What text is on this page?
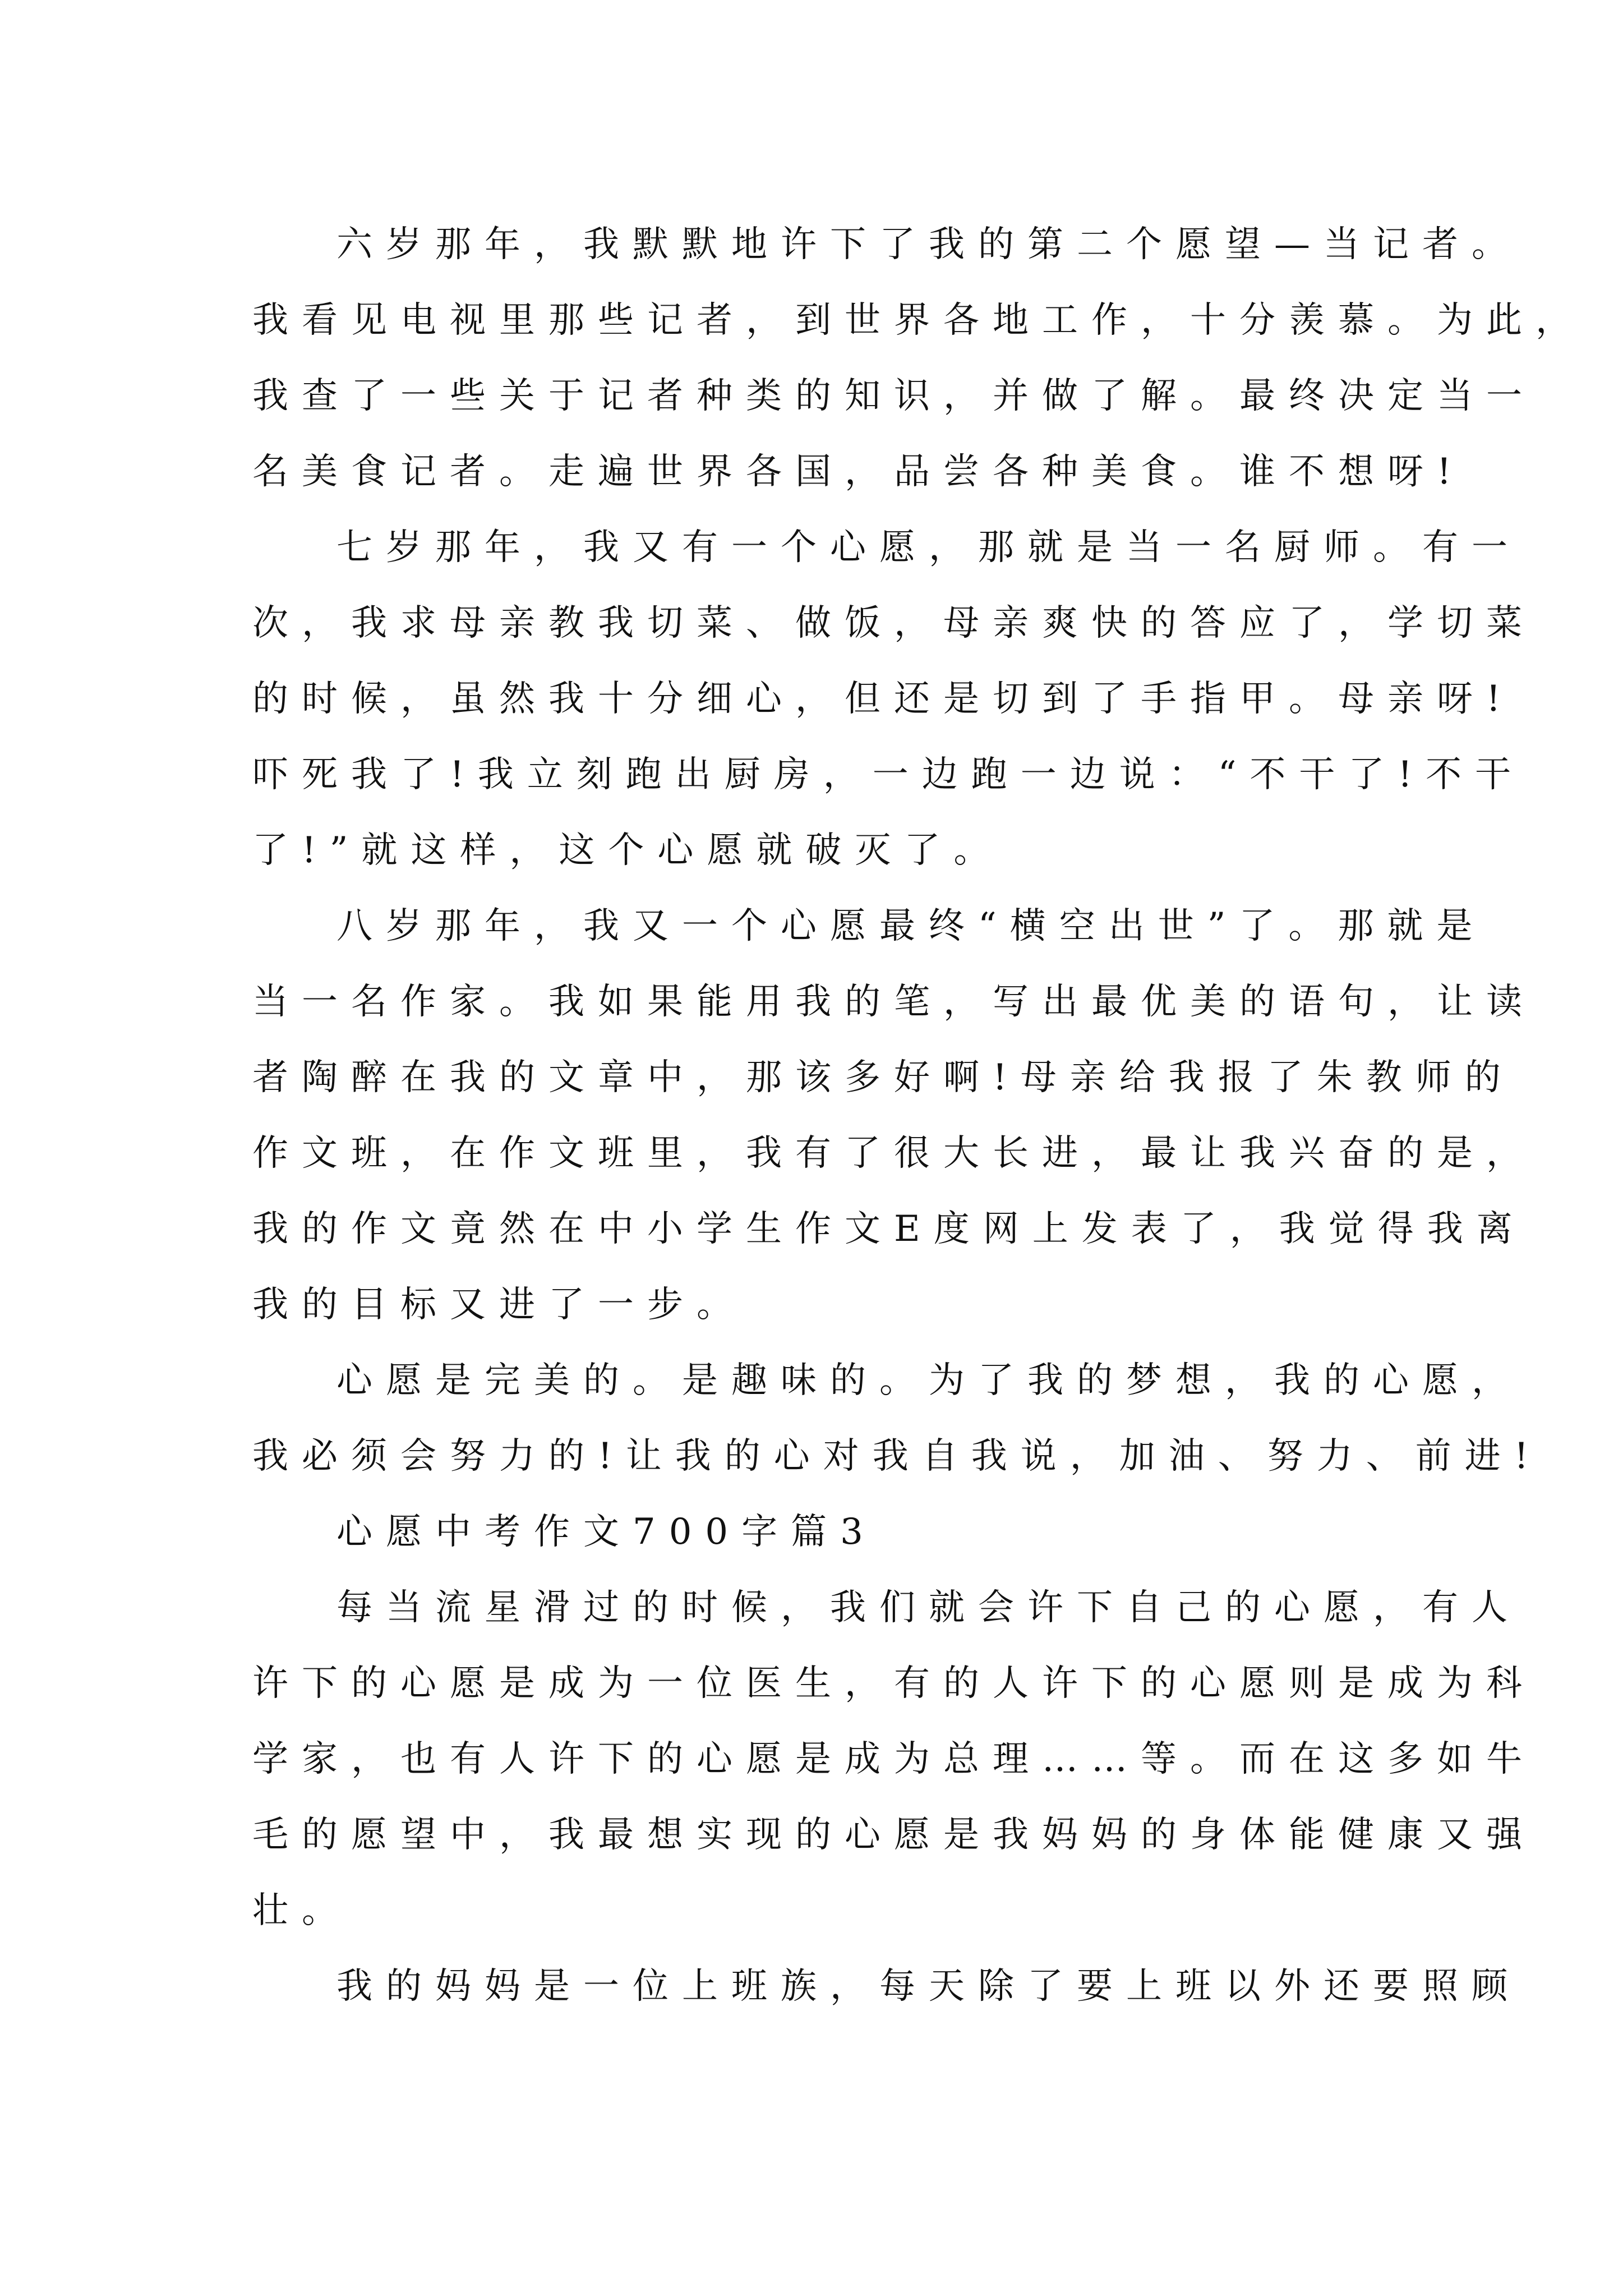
六岁那年，我默默地许下了我的第二个愿望—当记者。
我看见电视里那些记者，到世界各地工作，十分羡慕。为此，
我查了一些关于记者种类的知识，并做了解。最终决定当一
名美食记者。走遍世界各国，品尝各种美食。谁不想呀!
七岁那年，我又有一个心愿，那就是当一名厨师。有一
次，我求母亲教我切菜、做饭，母亲爽快的答应了，学切菜
的时候，虽然我十分细心，但还是切到了手指甲。母亲呀!
吓死我了!我立刻跑出厨房，一边跑一边说：“不干了!不干
了!”就这样，这个心愿就破灭了。
八岁那年，我又一个心愿最终“横空出世”了。那就是
当一名作家。我如果能用我的笔，写出最优美的语句，让读
者陶醉在我的文章中，那该多好啊!母亲给我报了朱教师的
作文班，在作文班里，我有了很大长进，最让我兴奋的是，
我的作文竟然在中小学生作文E度网上发表了，我觉得我离
我的目标又进了一步。
心愿是完美的。是趣味的。为了我的梦想，我的心愿，
我必须会努力的!让我的心对我自我说，加油、努力、前进!
心愿中考作文700字篇3
每当流星滑过的时候，我们就会许下自己的心愿，有人
许下的心愿是成为一位医生，有的人许下的心愿则是成为科
学家，也有人许下的心愿是成为总理……等。而在这多如牛
毛的愿望中，我最想实现的心愿是我妈妈的身体能健康又强
壮。
我的妈妈是一位上班族，每天除了要上班以外还要照顾
